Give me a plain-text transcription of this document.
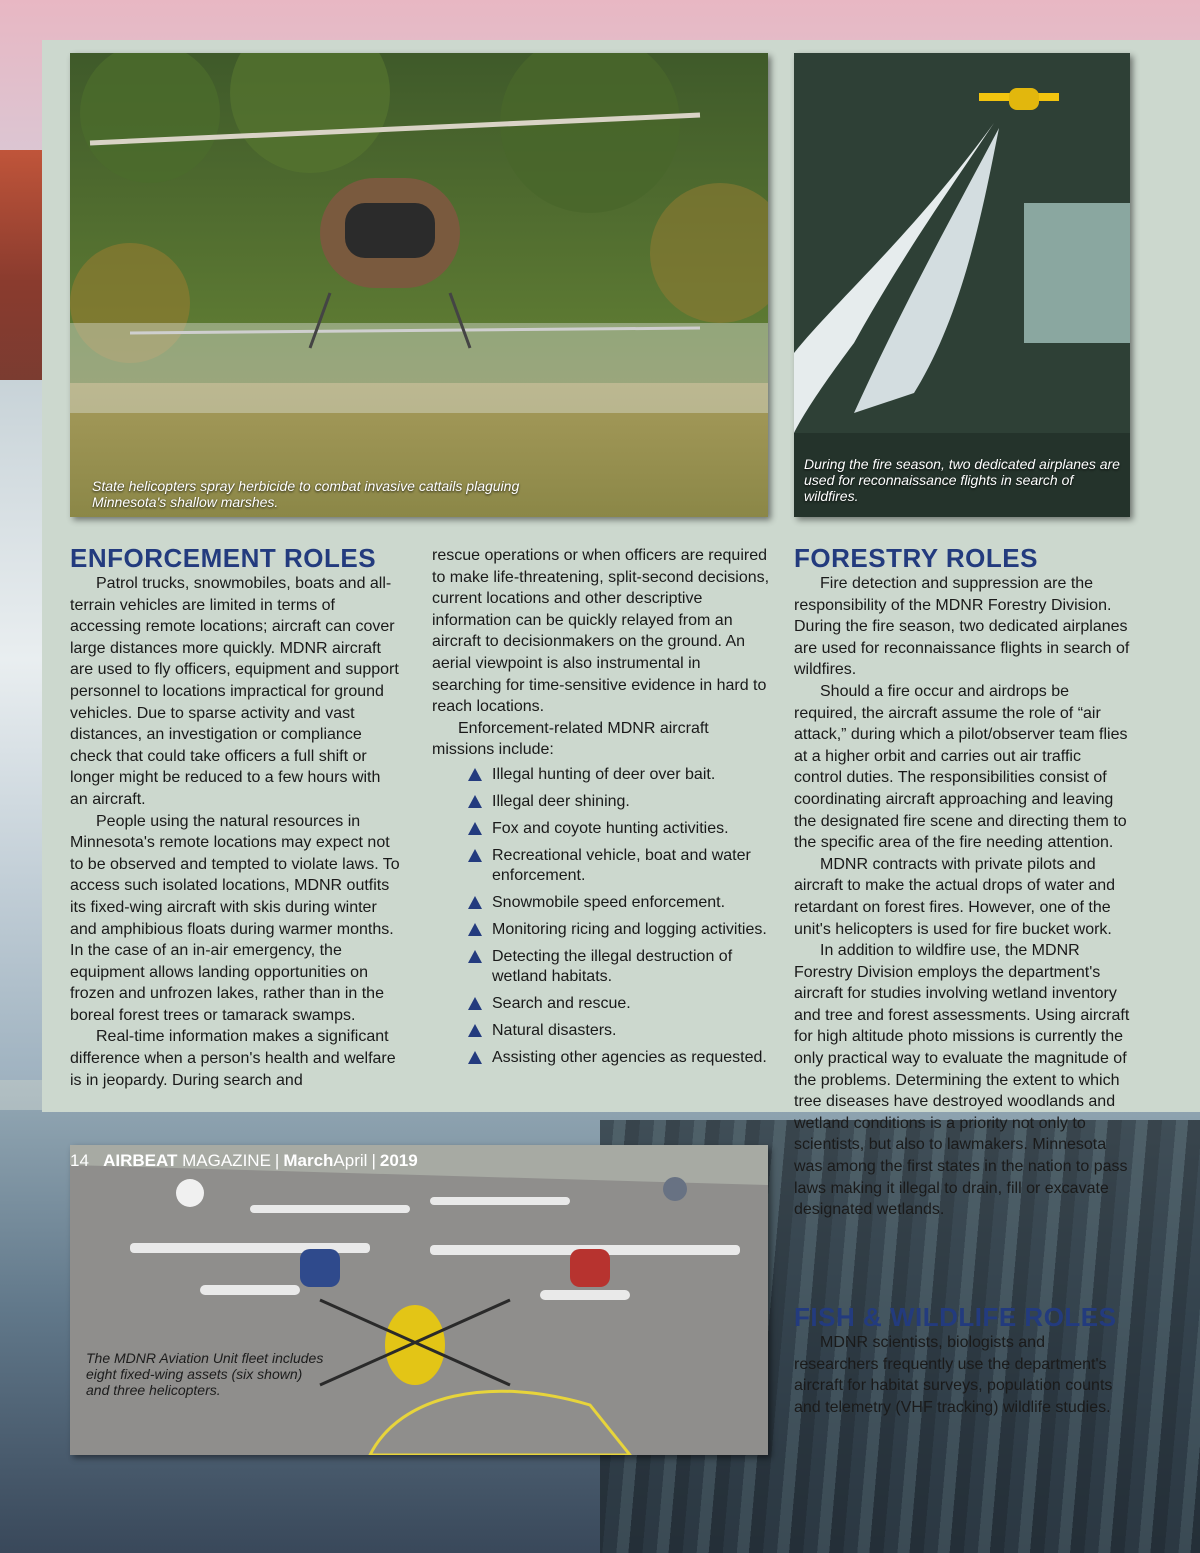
State helicopters spray herbicide to combat invasive cattails plaguing Minnesota's shallow marshes.
During the fire season, two dedicated airplanes are used for reconnaissance flights in search of wildfires.
The MDNR Aviation Unit fleet includes eight fixed-wing assets (six shown) and three helicopters.
ENFORCEMENT ROLES

Patrol trucks, snowmobiles, boats and all-terrain vehicles are limited in terms of accessing remote locations; aircraft can cover large distances more quickly. MDNR aircraft are used to fly officers, equipment and support personnel to locations impractical for ground vehicles. Due to sparse activity and vast distances, an investigation or compliance check that could take officers a full shift or longer might be reduced to a few hours with an aircraft.

People using the natural resources in Minnesota's remote locations may expect not to be observed and tempted to violate laws. To access such isolated locations, MDNR outfits its fixed-wing aircraft with skis during winter and amphibious floats during warmer months. In the case of an in-air emergency, the equipment allows landing opportunities on frozen and unfrozen lakes, rather than in the boreal forest trees or tamarack swamps.

Real-time information makes a significant difference when a person's health and welfare is in jeopardy. During search and

rescue operations or when officers are required to make life-threatening, split-second decisions, current locations and other descriptive information can be quickly relayed from an aircraft to decisionmakers on the ground. An aerial viewpoint is also instrumental in searching for time-sensitive evidence in hard to reach locations.

Enforcement-related MDNR aircraft missions include:

Illegal hunting of deer over bait.
Illegal deer shining.
Fox and coyote hunting activities.
Recreational vehicle, boat and water enforcement.
Snowmobile speed enforcement.
Monitoring ricing and logging activities.
Detecting the illegal destruction of wetland habitats.
Search and rescue.
Natural disasters.
Assisting other agencies as requested.
FORESTRY ROLES

Fire detection and suppression are the responsibility of the MDNR Forestry Division. During the fire season, two dedicated airplanes are used for reconnaissance flights in search of wildfires.

Should a fire occur and airdrops be required, the aircraft assume the role of “air attack,” during which a pilot/observer team flies at a higher orbit and carries out air traffic control duties. The responsibilities consist of coordinating aircraft approaching and leaving the designated fire scene and directing them to the specific area of the fire needing attention.

MDNR contracts with private pilots and aircraft to make the actual drops of water and retardant on forest fires. However, one of the unit's helicopters is used for fire bucket work.

In addition to wildfire use, the MDNR Forestry Division employs the department's aircraft for studies involving wetland inventory and tree and forest assessments. Using aircraft for high altitude photo missions is currently the only practical way to evaluate the magnitude of the problems. Determining the extent to which tree diseases have destroyed woodlands and wetland conditions is a priority not only to scientists, but also to lawmakers. Minnesota was among the first states in the nation to pass laws making it illegal to drain, fill or excavate designated wetlands.

FISH & WILDLIFE ROLES

MDNR scientists, biologists and researchers frequently use the department's aircraft for habitat surveys, population counts and telemetry (VHF tracking) wildlife studies.

14 AIRBEAT MAGAZINE | MarchApril | 2019
